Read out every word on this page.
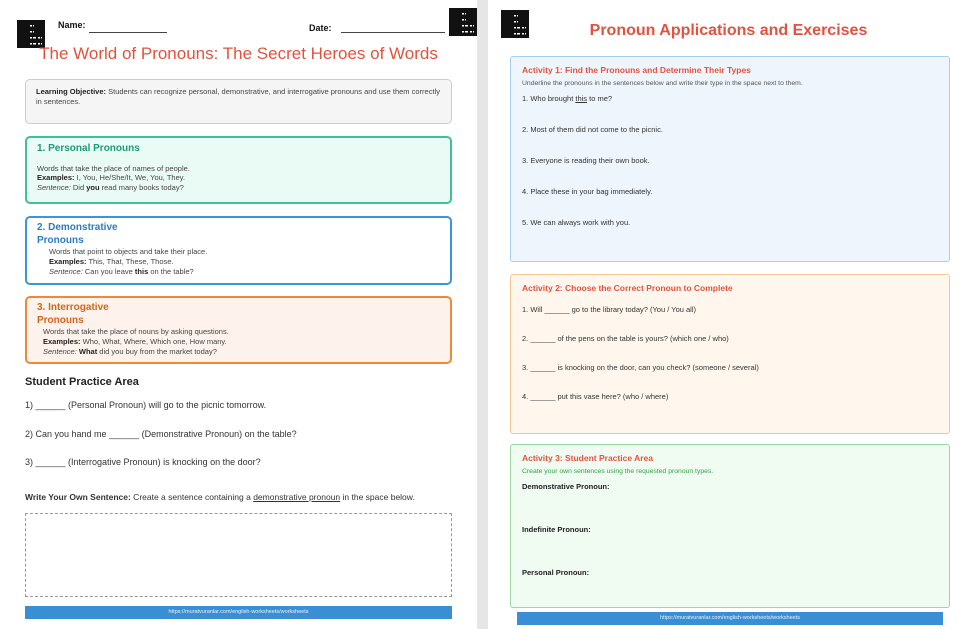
Name:	Date:
The World of Pronouns: The Secret Heroes of Words
Learning Objective: Students can recognize personal, demonstrative, and interrogative pronouns and use them correctly in sentences.
1. Personal Pronouns
Words that take the place of names of people.
Examples: I, You, He/She/It, We, You, They.
Sentence: Did you read many books today?
2. Demonstrative
Pronouns
Words that point to objects and take their place.
Examples: This, That, These, Those.
Sentence: Can you leave this on the table?
3. Interrogative
Pronouns
Words that take the place of nouns by asking questions.
Examples: Who, What, Where, Which one, How many.
Sentence: What did you buy from the market today?
Student Practice Area
1) ______ (Personal Pronoun) will go to the picnic tomorrow.
2) Can you hand me ______ (Demonstrative Pronoun) on the table?
3) ______ (Interrogative Pronoun) is knocking on the door?
Write Your Own Sentence: Create a sentence containing a demonstrative pronoun in the space below.
https://muratvuranlar.com/english-worksheets/worksheets
Pronoun Applications and Exercises
Activity 1: Find the Pronouns and Determine Their Types
Underline the pronouns in the sentences below and write their type in the space next to them.
1. Who brought this to me?
2. Most of them did not come to the picnic.
3. Everyone is reading their own book.
4. Place these in your bag immediately.
5. We can always work with you.
Activity 2: Choose the Correct Pronoun to Complete
1. Will ______ go to the library today? (You / You all)
2. ______ of the pens on the table is yours? (which one / who)
3. ______ is knocking on the door, can you check? (someone / several)
4. ______ put this vase here? (who / where)
Activity 3: Student Practice Area
Create your own sentences using the requested pronoun types.
Demonstrative Pronoun:
Indefinite Pronoun:
Personal Pronoun:
https://muratvuranlar.com/english-worksheets/worksheets
